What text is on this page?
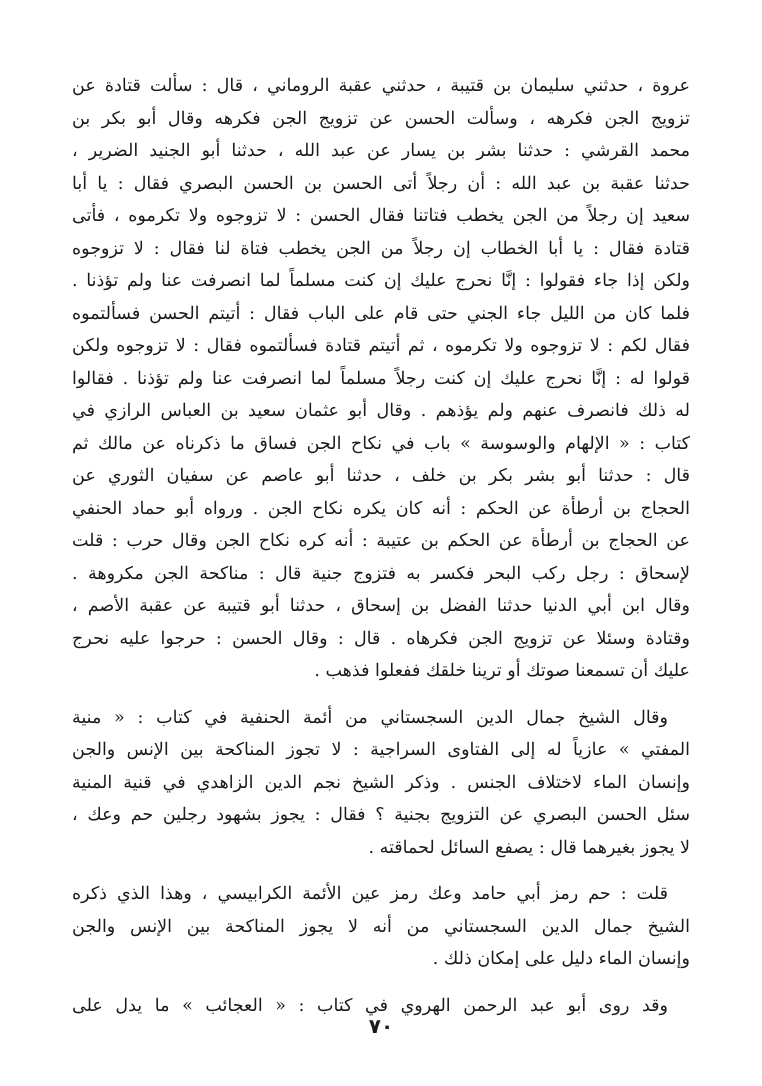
عروة ، حدثني سليمان بن قتيبة ، حدثني عقبة الروماني ، قال : سألت قتادة عن
تزويج الجن فكرهه ، وسألت الحسن عن تزويج الجن فكرهه وقال أبو بكر بن
محمد القرشي : حدثنا بشر بن يسار عن عبد الله ، حدثنا أبو الجنيد الضرير ،
حدثنا عقبة بن عبد الله : أن رجلاً أتى الحسن بن الحسن البصري فقال : يا أبا
سعيد إن رجلاً من الجن يخطب فتاتنا فقال الحسن : لا تزوجوه ولا تكرموه ، فأتى
قتادة فقال : يا أبا الخطاب إن رجلاً من الجن يخطب فتاة لنا فقال : لا تزوجوه
ولكن إذا جاء فقولوا : إنَّا نحرج عليك إن كنت مسلماً لما انصرفت عنا ولم تؤذنا .
فلما كان من الليل جاء الجني حتى قام على الباب فقال : أتيتم الحسن فسألتموه
فقال لكم : لا تزوجوه ولا تكرموه ، ثم أتيتم قتادة فسألتموه فقال : لا تزوجوه ولكن
قولوا له : إنَّا نحرج عليك إن كنت رجلاً مسلماً لما انصرفت عنا ولم تؤذنا . فقالوا
له ذلك فانصرف عنهم ولم يؤذهم . وقال أبو عثمان سعيد بن العباس الرازي في
كتاب : « الإلهام والوسوسة » باب في نكاح الجن فساق ما ذكرناه عن مالك ثم
قال : حدثنا أبو بشر بكر بن خلف ، حدثنا أبو عاصم عن سفيان الثوري عن
الحجاج بن أرطأة عن الحكم : أنه كان يكره نكاح الجن . ورواه أبو حماد الحنفي
عن الحجاج بن أرطأة عن الحكم بن عتيبة : أنه كره نكاح الجن وقال حرب : قلت
لإسحاق : رجل ركب البحر فكسر به فتزوج جنية قال : مناكحة الجن مكروهة .
وقال ابن أبي الدنيا حدثنا الفضل بن إسحاق ، حدثنا أبو قتيبة عن عقبة الأصم ،
وقتادة وسئلا عن تزويج الجن فكرهاه . قال : وقال الحسن : حرجوا عليه نحرج
عليك أن تسمعنا صوتك أو ترينا خلقك ففعلوا فذهب .
وقال الشيخ جمال الدين السجستاني من أئمة الحنفية في كتاب : « منية
المفتي » عازياً له إلى الفتاوى السراجية : لا تجوز المناكحة بين الإنس والجن
وإنسان الماء لاختلاف الجنس . وذكر الشيخ نجم الدين الزاهدي في قنية المنية
سئل الحسن البصري عن التزويج بجنية ؟ فقال : يجوز بشهود رجلين حم وعك ،
لا يجوز بغيرهما قال : يصفع السائل لحماقته .
قلت : حم رمز أبي حامد وعك رمز عين الأئمة الكرابيسي ، وهذا الذي ذكره
الشيخ جمال الدين السجستاني من أنه لا يجوز المناكحة بين الإنس والجن
وإنسان الماء دليل على إمكان ذلك .
وقد روى أبو عبد الرحمن الهروي في كتاب : « العجائب » ما يدل على
٧٠
